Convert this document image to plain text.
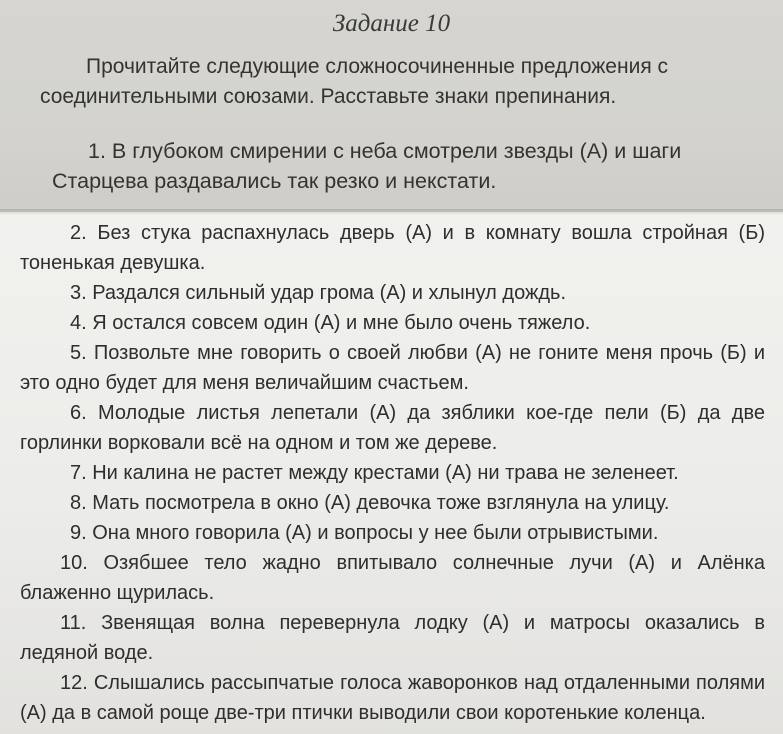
Задание 10

Прочитайте следующие сложносочиненные предложения с соединительными союзами. Расставьте знаки препинания.

1. В глубоком смирении с неба смотрели звезды (А) и шаги Старцева раздавались так резко и некстати.

2. Без стука распахнулась дверь (А) и в комнату вошла стройная (Б) тоненькая девушка.
3. Раздался сильный удар грома (А) и хлынул дождь.
4. Я остался совсем один (А) и мне было очень тяжело.
5. Позвольте мне говорить о своей любви (А) не гоните меня прочь (Б) и это одно будет для меня величайшим счастьем.
6. Молодые листья лепетали (А) да зяблики кое-где пели (Б) да две горлинки ворковали всё на одном и том же дереве.
7. Ни калина не растет между крестами (А) ни трава не зеленеет.
8. Мать посмотрела в окно (А) девочка тоже взглянула на улицу.
9. Она много говорила (А) и вопросы у нее были отрывистыми.
10. Озябшее тело жадно впитывало солнечные лучи (А) и Алёнка блаженно щурилась.
11. Звенящая волна перевернула лодку (А) и матросы оказались в ледяной воде.
12. Слышались рассыпчатые голоса жаворонков над отдаленными полями (А) да в самой роще две-три птички выводили свои коротенькие коленца.
